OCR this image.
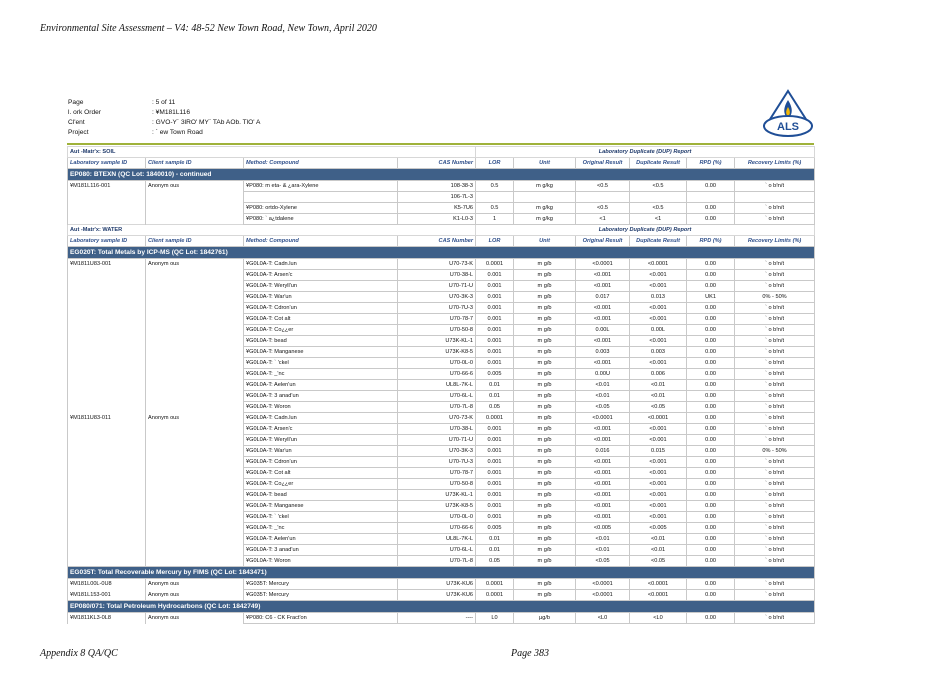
Environmental Site Assessment – V4: 48-52 New Town Road, New Town, April 2020
Page	: 5 of 11
l. ork Order	: ¥M181L116
Cl'ent	: GVO-Y` 3lRO' MY` TAb AOb. TlO' A
Project	: ` ew Town Road	ALS
Aut -Matr'x: SOIL				Laboratory Duplicate (DUP) Report					
Laboratory sample ID	Client sample ID	Method: Compound	CAS Number	LOR	Unit	Original Result	Duplicate Result	RPD (%)	Recovery Limits (%)
EP080: BTEXN (QC Lot: 1840010) - continued									
¥M181L116-001	Anonym ous	¥P080: m eta- & ¿ara-Xylene	108-38-3	0.5	m g/kg	<0.5	<0.5	0.00	` o b!n/t
			106-7L-3						
		¥P080: ortdo-Xylene	K5-7U6	0.5	m g/kg	<0.5	<0.5	0.00	` o b!n/t
		¥P080: ` a¿tdalene	K1-L0-3	1	m g/kg	<1	<1	0.00	` o b!n/t
Aut -Matr'x: WATER				Laboratory Duplicate (DUP) Report					
Laboratory sample ID	Client sample ID	Method: Compound	CAS Number	LOR	Unit	Original Result	Duplicate Result	RPD (%)	Recovery Limits (%)
EG020T: Total Metals by ICP-MS (QC Lot: 1842761)									
¥M1811U83-001	Anonym ous	¥G0L0A-T: Cadn.lun	U70-73-K	0.0001	m g/b	<0.0001	<0.0001	0.00	` o b!n/t
		¥G0L0A-T: Arsen'c	U70-38-L	0.001	m g/b	<0.001	<0.001	0.00	` o b!n/t
		¥G0L0A-T: Weryll'un	U70-71-U	0.001	m g/b	<0.001	<0.001	0.00	` o b!n/t
		¥G0L0A-T: War'un	U70-3K-3	0.001	m g/b	0.017	0.013	UK1	0% - 50%
		¥G0L0A-T: Cdron'un	U70-7U-3	0.001	m g/b	<0.001	<0.001	0.00	` o b!n/t
		¥G0L0A-T: Cot alt	U70-78-7	0.001	m g/b	<0.001	<0.001	0.00	` o b!n/t
		¥G0L0A-T: Co¿¿er	U70-50-8	0.001	m g/b	0.00L	0.00L	0.00	` o b!n/t
		¥G0L0A-T: bead	U73K-KL-1	0.001	m g/b	<0.001	<0.001	0.00	` o b!n/t
		¥G0L0A-T: Manganese	U73K-K8-5	0.001	m g/b	0.003	0.003	0.00	` o b!n/t
		¥G0L0A-T: ` 'ckel	U70-0L-0	0.001	m g/b	<0.001	<0.001	0.00	` o b!n/t
		¥G0L0A-T: _'nc	U70-66-6	0.005	m g/b	0.00U	0.006	0.00	` o b!n/t
		¥G0L0A-T: Aelen'un	UL8L-7K-L	0.01	m g/b	<0.01	<0.01	0.00	` o b!n/t
		¥G0L0A-T: 3 anad'un	U70-6L-L	0.01	m g/b	<0.01	<0.01	0.00	` o b!n/t
		¥G0L0A-T: Woron	U70-7L-8	0.05	m g/b	<0.05	<0.05	0.00	` o b!n/t
¥M1811U83-011	Anonym ous	¥G0L0A-T: Cadn.lun	U70-73-K	0.0001	m g/b	<0.0001	<0.0001	0.00	` o b!n/t
		¥G0L0A-T: Arsen'c	U70-38-L	0.001	m g/b	<0.001	<0.001	0.00	` o b!n/t
		¥G0L0A-T: Weryll'un	U70-71-U	0.001	m g/b	<0.001	<0.001	0.00	` o b!n/t
		¥G0L0A-T: War'un	U70-3K-3	0.001	m g/b	0.016	0.015	0.00	0% - 50%
		¥G0L0A-T: Cdron'un	U70-7U-3	0.001	m g/b	<0.001	<0.001	0.00	` o b!n/t
		¥G0L0A-T: Cot alt	U70-78-7	0.001	m g/b	<0.001	<0.001	0.00	` o b!n/t
		¥G0L0A-T: Co¿¿er	U70-50-8	0.001	m g/b	<0.001	<0.001	0.00	` o b!n/t
		¥G0L0A-T: bead	U73K-KL-1	0.001	m g/b	<0.001	<0.001	0.00	` o b!n/t
		¥G0L0A-T: Manganese	U73K-K8-5	0.001	m g/b	<0.001	<0.001	0.00	` o b!n/t
		¥G0L0A-T: ` 'ckel	U70-0L-0	0.001	m g/b	<0.001	<0.001	0.00	` o b!n/t
		¥G0L0A-T: _'nc	U70-66-6	0.005	m g/b	<0.005	<0.005	0.00	` o b!n/t
		¥G0L0A-T: Aelen'un	UL8L-7K-L	0.01	m g/b	<0.01	<0.01	0.00	` o b!n/t
		¥G0L0A-T: 3 anad'un	U70-6L-L	0.01	m g/b	<0.01	<0.01	0.00	` o b!n/t
		¥G0L0A-T: Woron	U70-7L-8	0.05	m g/b	<0.05	<0.05	0.00	` o b!n/t
EG035T: Total Recoverable Mercury by FIMS (QC Lot: 1843471)									
¥M181L00L-0U8	Anonym ous	¥G035T: Mercury	U73K-KU6	0.0001	m g/b	<0.0001	<0.0001	0.00	` o b!n/t
¥M181L153-001	Anonym ous	¥G035T: Mercury	U73K-KU6	0.0001	m g/b	<0.0001	<0.0001	0.00	` o b!n/t
EP080/071: Total Petroleum Hydrocarbons (QC Lot: 1842749)									
¥M1811KL3-0L8	Anonym ous	¥P080: C6 - CK Fract'on	----	L0	µg/b	<L0	<L0	0.00	` o b!n/t
Appendix 8 QA/QC	Page 383
